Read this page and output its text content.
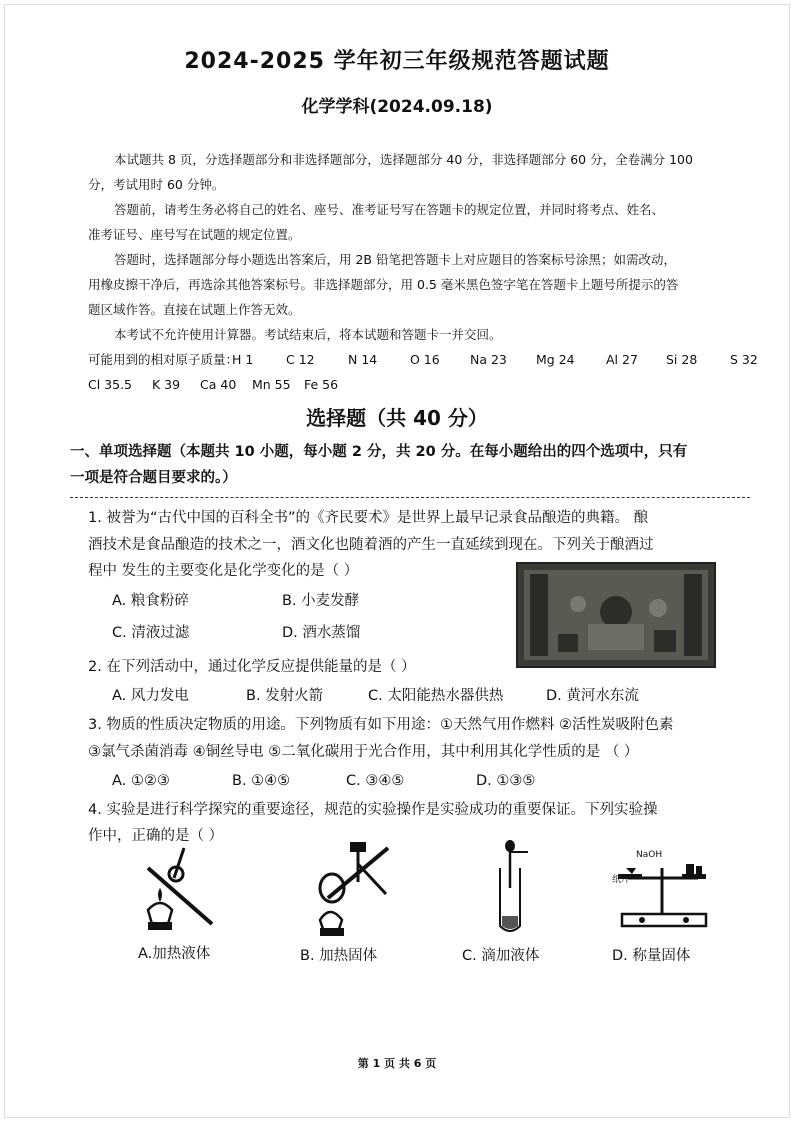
2024-2025 学年初三年级规范答题试题
化学学科(2024.09.18)
本试题共 8 页，分选择题部分和非选择题部分，选择题部分 40 分，非选择题部分 60 分，全卷满分 100
分，考试用时 60 分钟。
答题前，请考生务必将自己的姓名、座号、准考证号写在答题卡的规定位置，并同时将考点、姓名、
准考证号、座号写在试题的规定位置。
答题时，选择题部分每小题选出答案后，用 2B 铅笔把答题卡上对应题目的答案标号涂黑；如需改动，
用橡皮擦干净后，再选涂其他答案标号。非选择题部分，用 0.5 毫米黑色签字笔在答题卡上题号所提示的答
题区域作答。直接在试题上作答无效。
本考试不允许使用计算器。考试结束后，将本试题和答题卡一并交回。
可能用到的相对原子质量：
H 1	C 12	N 14	O 16 Na 23 Mg 24	Al 27 Si 28	S 32
Cl 35.5 K 39 Ca 40 Mn 55 Fe 56
选择题（共 40 分）
一、单项选择题（本题共 10 小题，每小题 2 分，共 20 分。在每小题给出的四个选项中，只有
一项是符合题目要求的。）
1. 被誉为“古代中国的百科全书”的《齐民要术》是世界上最早记录食品酿造的典籍。 酿
酒技术是食品酿造的技术之一，酒文化也随着酒的产生一直延续到现在。下列关于酿酒过
程中 发生的主要变化是化学变化的是（ ）
A. 粮食粉碎	B. 小麦发酵
C. 清液过滤	D. 酒水蒸馏
2. 在下列活动中，通过化学反应提供能量的是（ ）
A. 风力发电	B. 发射火箭	C. 太阳能热水器供热	D. 黄河水东流
3. 物质的性质决定物质的用途。下列物质有如下用途：①天然气用作燃料 ②活性炭吸附色素
③氯气杀菌消毒 ④铜丝导电 ⑤二氧化碳用于光合作用，其中利用其化学性质的是 （ ）
A. ①②③	B. ①④⑤	C. ③④⑤	D. ①③⑤
4. 实验是进行科学探究的重要途径，规范的实验操作是实验成功的重要保证。下列实验操
作中，正确的是（ ）
纸片
NaOH
A.加热液体	B. 加热固体	C. 滴加液体	D. 称量固体
第 1 页 共 6 页
